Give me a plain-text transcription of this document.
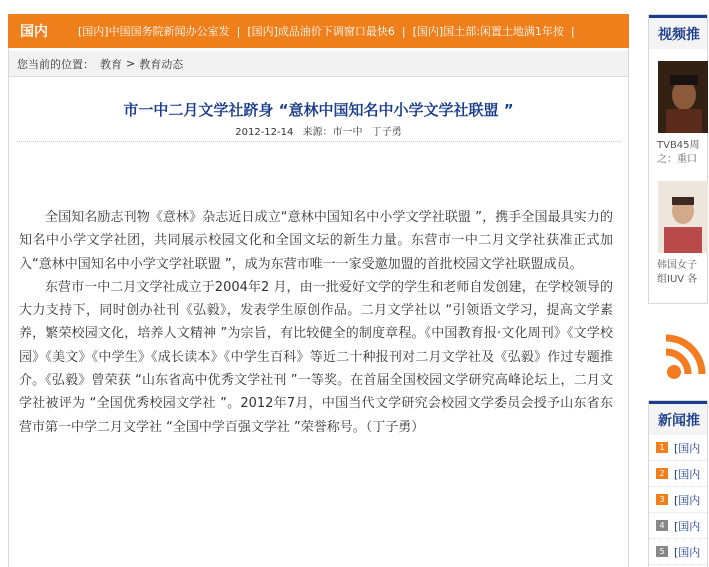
国内	[国内]中国国务院新闻办公室发 | [国内]成品油价下调窗口最快6 | [国内]国土部:闲置土地满1年按 |
您当前的位置： 教育 > 教育动态
市一中二月文学社跻身 “意林中国知名中小学文学社联盟 ”
2012-12-14 来源：市一中 丁子勇

全国知名励志刊物《意林》杂志近日成立“意林中国知名中小学文学社联盟 ”，携手全国最具实力的知名中小学文学社团，共同展示校园文化和全国文坛的新生力量。东营市一中二月文学社获准正式加入“意林中国知名中小学文学社联盟 ”，成为东营市唯一一家受邀加盟的首批校园文学社联盟成员。

东营市一中二月文学社成立于2004年2 月，由一批爱好文学的学生和老师自发创建，在学校领导的大力支持下，同时创办社刊《弘毅》，发表学生原创作品。二月文学社以 “引领语文学习，提高文学素养，繁荣校园文化，培养人文精神 ”为宗旨，有比较健全的制度章程。《中国教育报·文化周刊》《文学校园》《美文》《中学生》《成长读本》《中学生百科》等近二十种报刊对二月文学社及《弘毅》作过专题推介。《弘毅》曾荣获 “山东省高中优秀文学社刊 ”一等奖。在首届全国校园文学研究高峰论坛上，二月文学社被评为 “全国优秀校园文学社 ”。2012年7月，中国当代文学研究会校园文学委员会授予山东省东营市第一中学二月文学社 “全国中学百强文学社 ”荣誉称号。（丁子勇）

视频推
TVB45周
之：重口
韩国女子
组IUV 各
新闻推
1 [国内
2 [国内
3 [国内
4 [国内
5 [国内
